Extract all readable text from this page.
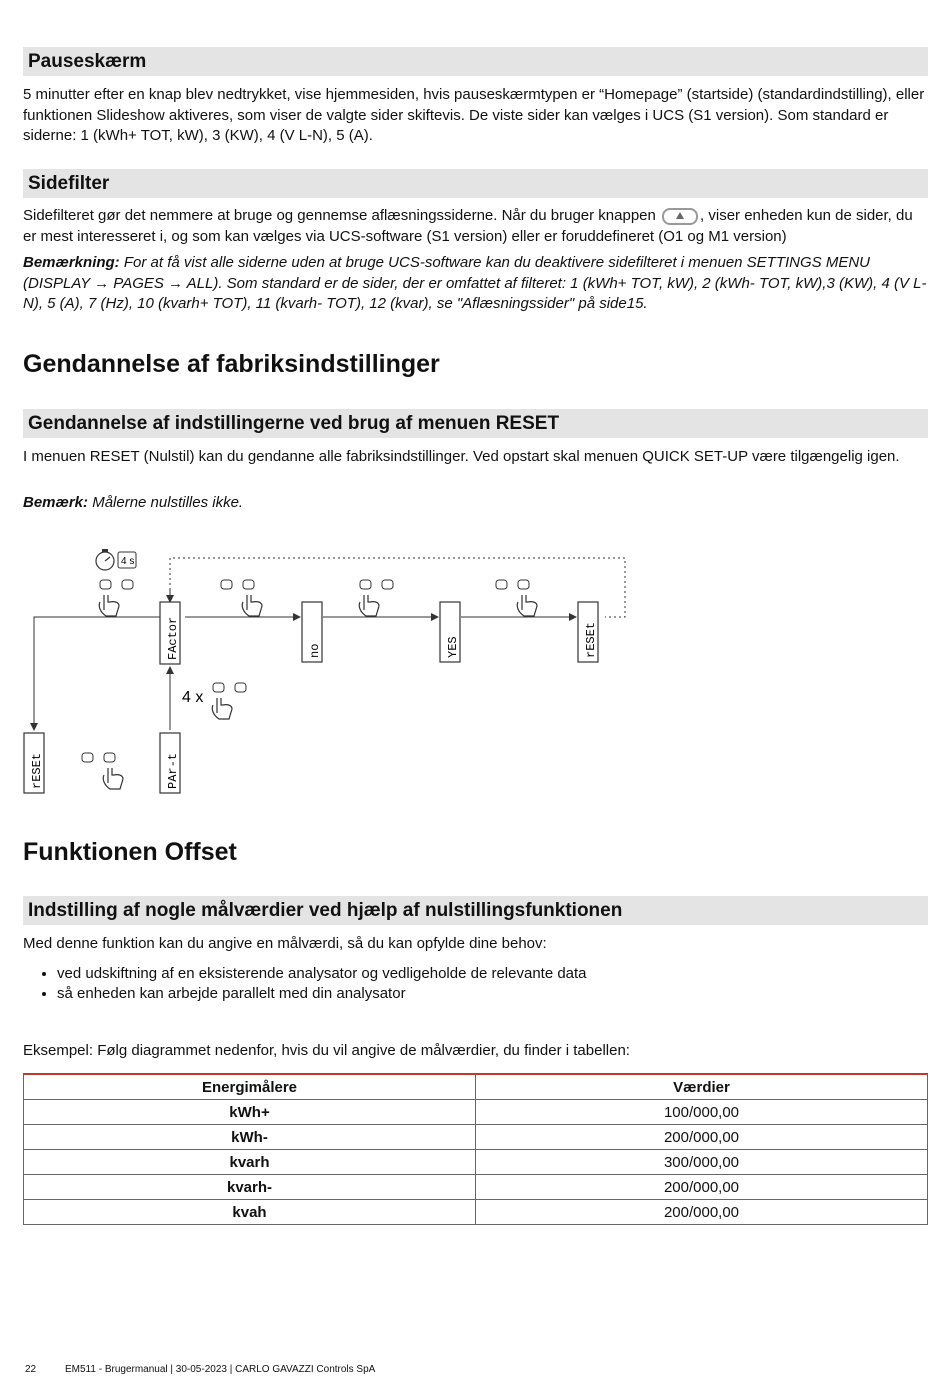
Pauseskærm
5 minutter efter en knap blev nedtrykket, vise hjemmesiden, hvis pauseskærmtypen er “Homepage” (startside) (standardindstilling), eller funktionen Slideshow aktiveres, som viser de valgte sider skiftevis. De viste sider kan vælges i UCS (S1 version). Som standard er siderne: 1 (kWh+ TOT, kW), 3 (KW), 4 (V L-N), 5 (A).
Sidefilter
Sidefilteret gør det nemmere at bruge og gennemse aflæsningssiderne. Når du bruger knappen	, viser enheden kun de sider, du er mest interesseret i, og som kan vælges via UCS-software (S1 version) eller er foruddefineret (O1 og M1 version)
Bemærkning: For at få vist alle siderne uden at bruge UCS-software kan du deaktivere sidefilteret i menuen SETTINGS MENU (DISPLAY → PAGES → ALL). Som standard er de sider, der er omfattet af filteret: 1 (kWh+ TOT, kW), 2 (kWh- TOT, kW),3 (KW), 4 (V L-N), 5 (A), 7 (Hz), 10 (kvarh+ TOT), 11 (kvarh- TOT), 12 (kvar), se "Aflæsningssider" på side15.
Gendannelse af fabriksindstillinger
Gendannelse af indstillingerne ved brug af menuen RESET
I menuen RESET (Nulstil) kan du gendanne alle fabriksindstillinger. Ved opstart skal menuen QUICK SET-UP være tilgængelig igen.
Bemærk: Målerne nulstilles ikke.
Funktionen Offset
Indstilling af nogle målværdier ved hjælp af nulstillingsfunktionen
Med denne funktion kan du angive en målværdi, så du kan opfylde dine behov:
• ved udskiftning af en eksisterende analysator og vedligeholde de relevante data
• så enheden kan arbejde parallelt med din analysator
Eksempel: Følg diagrammet nedenfor, hvis du vil angive de målværdier, du finder i tabellen:
Energimålere	Værdier
kWh+	100/000,00
kWh-	200/000,00
kvarh	300/000,00
kvarh-	200/000,00
kvah	200/000,00
4 s
FActor	no	YES	rESEt
rESEt	PAr-t
4 x
22	EM511 - Brugermanual | 30-05-2023 | CARLO GAVAZZI Controls SpA
